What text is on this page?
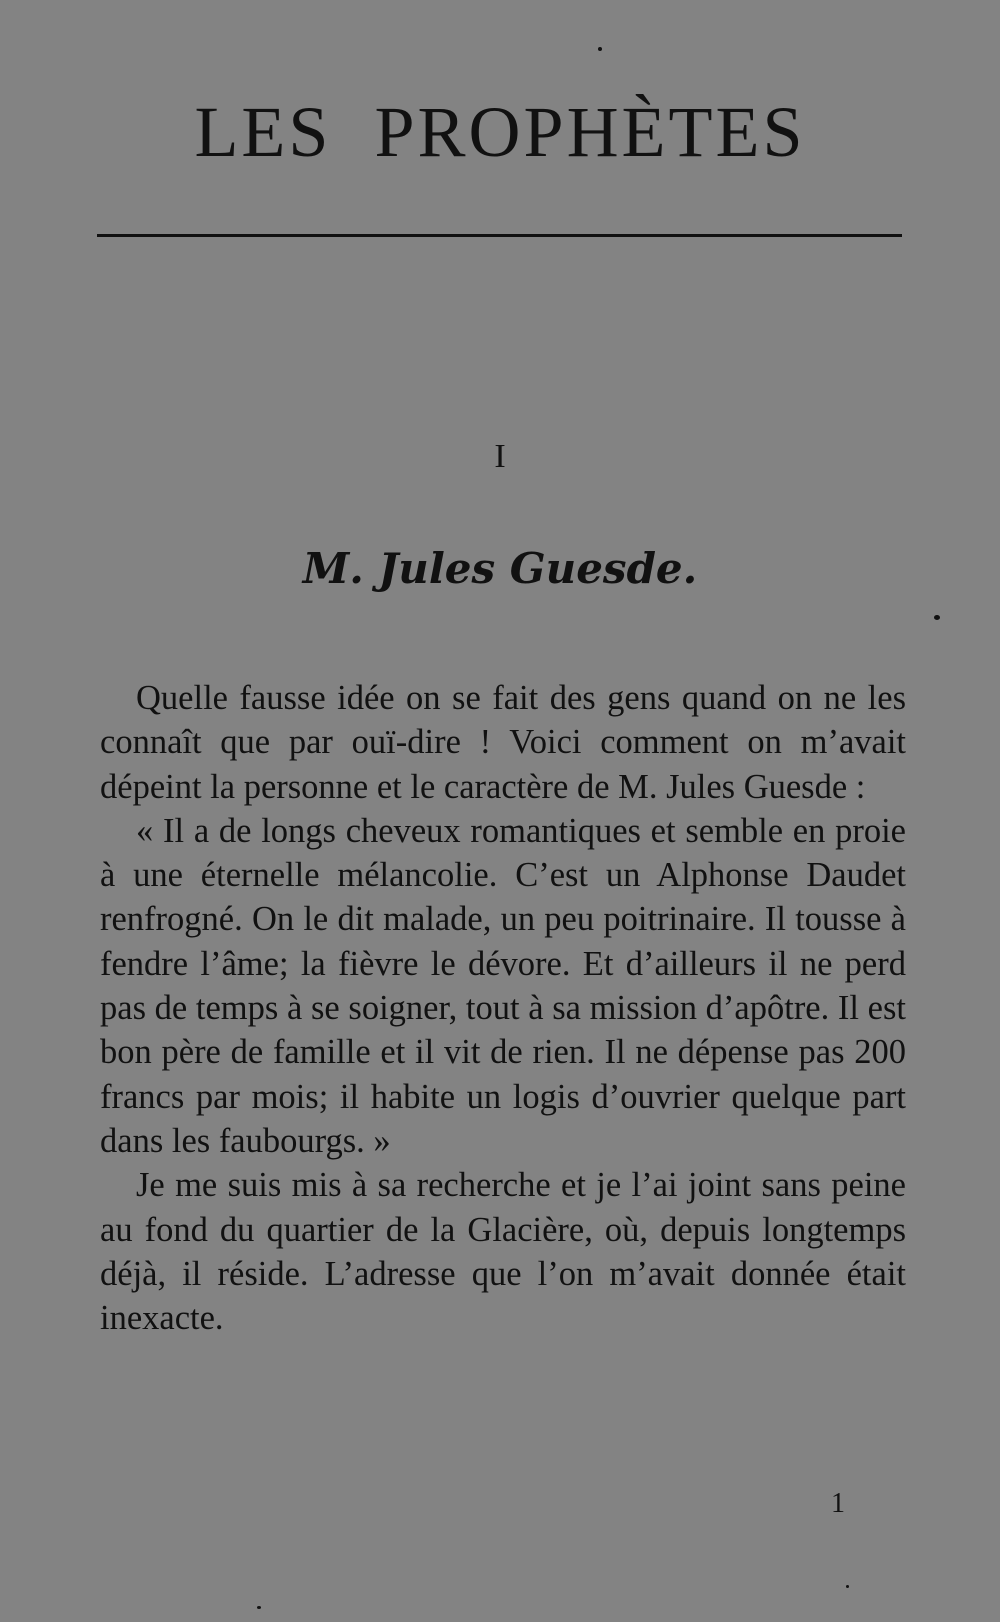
LES PROPHÈTES
I
M. Jules Guesde.

Quelle fausse idée on se fait des gens quand on ne les connaît que par ouï-dire ! Voici comment on m’avait dépeint la personne et le caractère de M. Jules Guesde :

« Il a de longs cheveux romantiques et semble en proie à une éternelle mélancolie. C’est un Alphonse Daudet renfrogné. On le dit malade, un peu poitrinaire. Il tousse à fendre l’âme; la fièvre le dévore. Et d’ailleurs il ne perd pas de temps à se soigner, tout à sa mission d’apôtre. Il est bon père de famille et il vit de rien. Il ne dépense pas 200 francs par mois; il habite un logis d’ouvrier quelque part dans les faubourgs. »

Je me suis mis à sa recherche et je l’ai joint sans peine au fond du quartier de la Glacière, où, depuis longtemps déjà, il réside. L’adresse que l’on m’avait donnée était inexacte.

1
